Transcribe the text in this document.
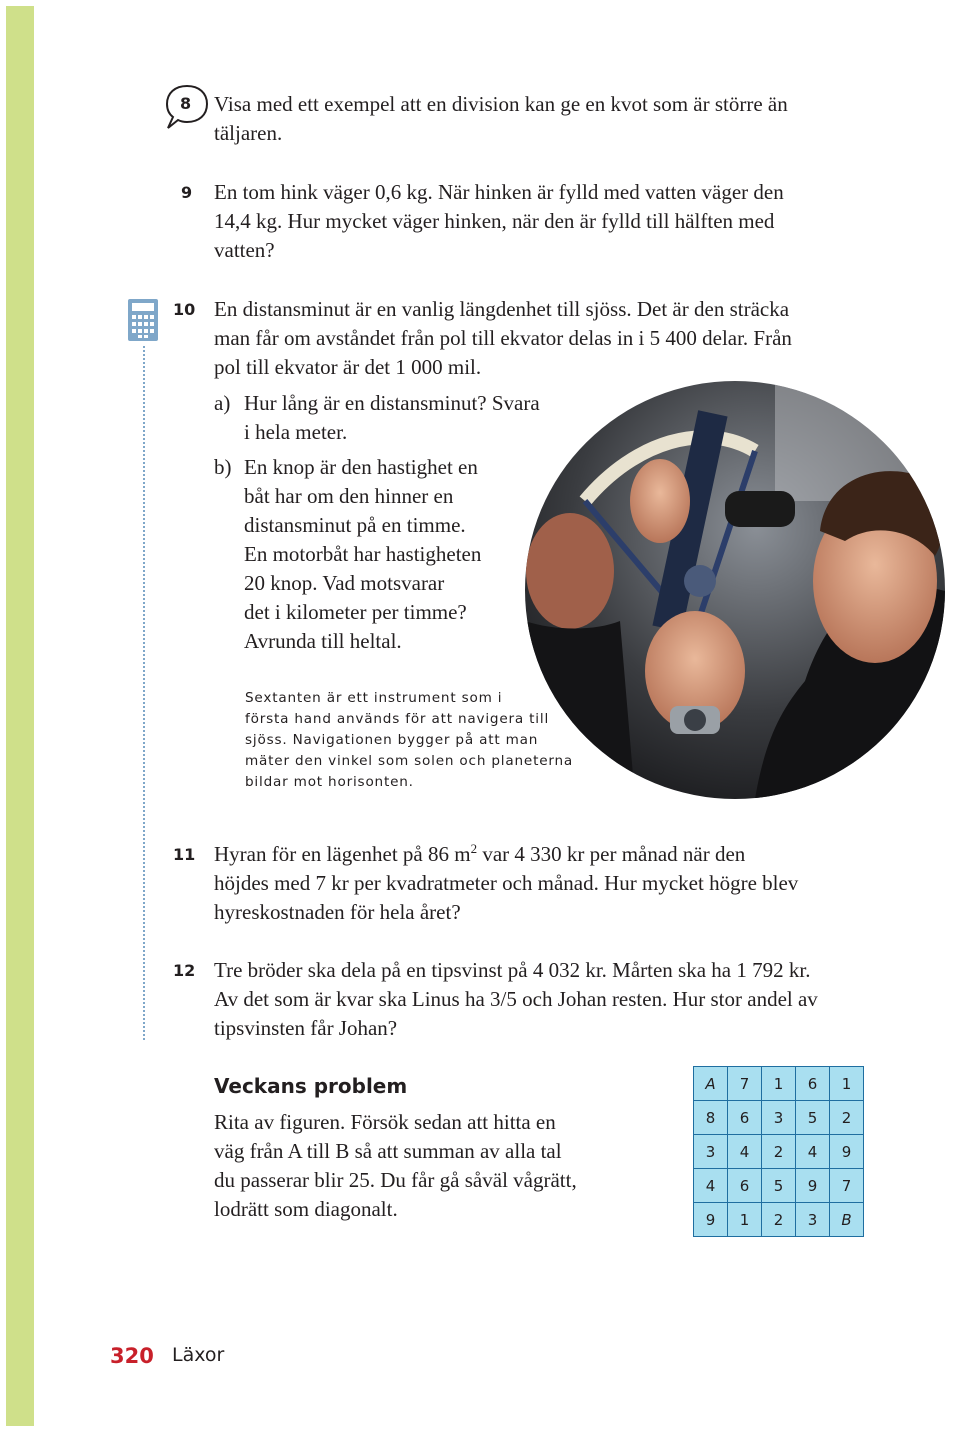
8 Visa med ett exempel att en division kan ge en kvot som är större än
täljaren.
9 En tom hink väger 0,6 kg. När hinken är fylld med vatten väger den
14,4 kg. Hur mycket väger hinken, när den är fylld till hälften med
vatten?
10 En distansminut är en vanlig längdenhet till sjöss. Det är den sträcka
man får om avståndet från pol till ekvator delas in i 5 400 delar. Från
pol till ekvator är det 1 000 mil.
a) Hur lång är en distansminut? Svara
i hela meter.
b) En knop är den hastighet en
båt har om den hinner en
distansminut på en timme.
En motorbåt har hastigheten
20 knop. Vad motsvarar
det i kilometer per timme?
Avrunda till heltal.
Sextanten är ett instrument som i
första hand används för att navigera till
sjöss. Navigationen bygger på att man
mäter den vinkel som solen och planeterna
bildar mot horisonten.
11 Hyran för en lägenhet på 86 $m^2$ var 4 330 kr per månad när den
höjdes med 7 kr per kvadratmeter och månad. Hur mycket högre blev
hyreskostnaden för hela året?
12 Tre bröder ska dela på en tipsvinst på 4 032 kr. Mårten ska ha 1 792 kr.
Av det som är kvar ska Linus ha 3/5 och Johan resten. Hur stor andel av
tipsvinsten får Johan?
Veckans problem
Rita av figuren. Försök sedan att hitta en
väg från A till B så att summan av alla tal
du passerar blir 25. Du får gå såväl vågrätt,
lodrätt som diagonalt.
A	7	1	6	1
8	6	3	5	2
3	4	2	4	9
4	6	5	9	7
9	1	2	3	B
320 Läxor
